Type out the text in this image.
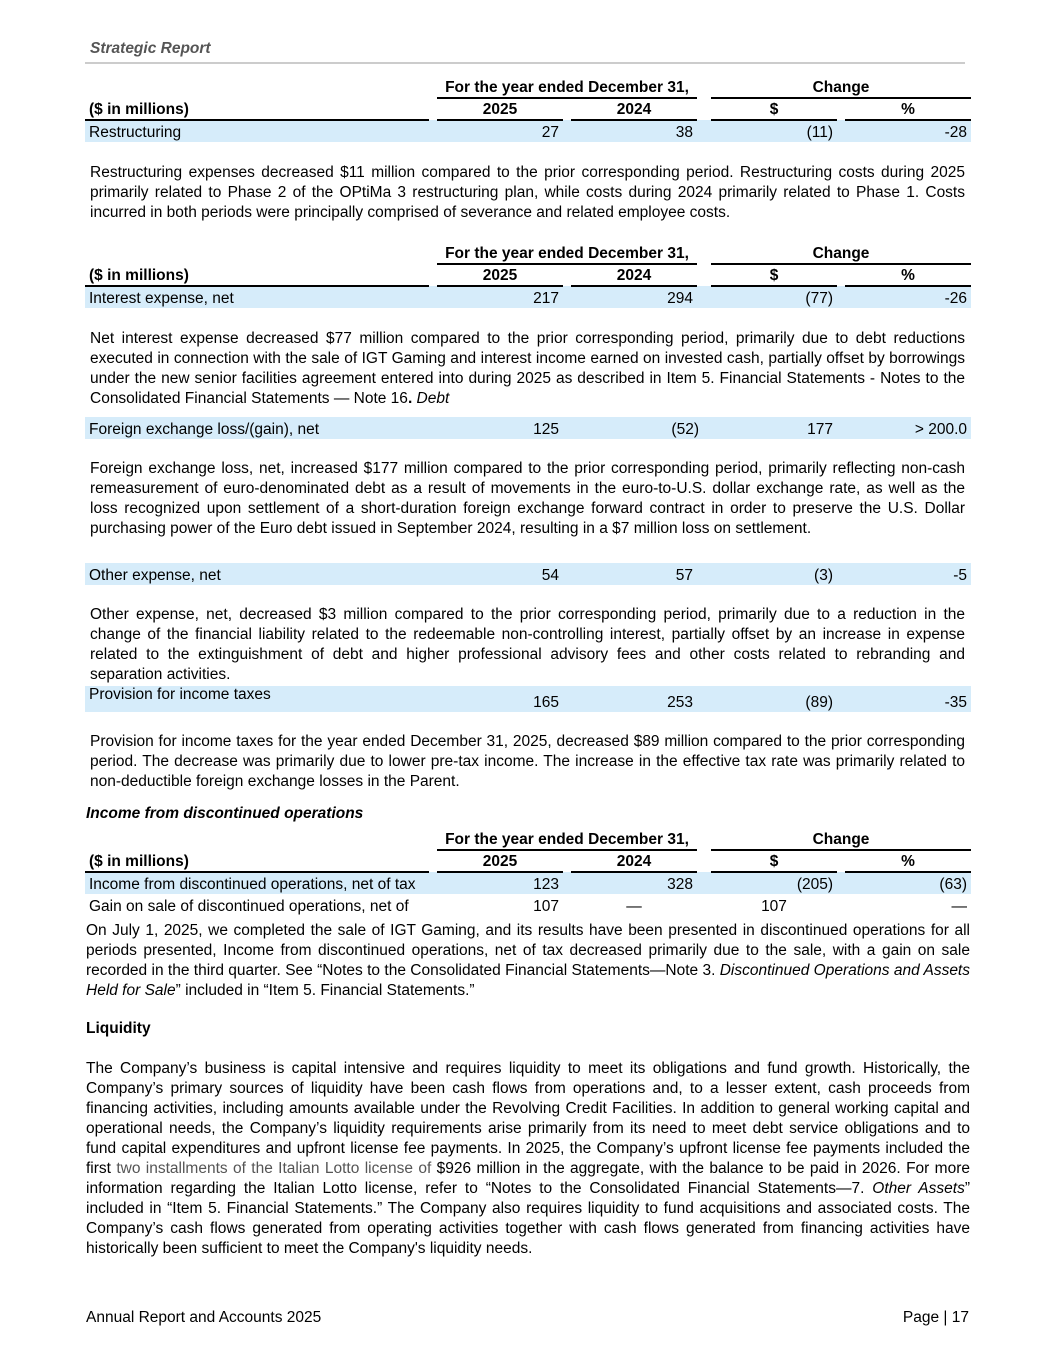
Strategic Report
		For the year ended December 31,				Change		
($ in millions)		2025		2024		$		%
Restructuring		27		38		(11)		-28

Restructuring expenses decreased $11 million compared to the prior corresponding period. Restructuring costs during 2025 primarily related to Phase 2 of the OPtiMa 3 restructuring plan, while costs during 2024 primarily related to Phase 1. Costs incurred in both periods were principally comprised of severance and related employee costs.

		For the year ended December 31,				Change		
($ in millions)		2025		2024		$		%
Interest expense, net		217		294		(77)		-26

Net interest expense decreased $77 million compared to the prior corresponding period, primarily due to debt reductions executed in connection with the sale of IGT Gaming and interest income earned on invested cash, partially offset by borrowings under the new senior facilities agreement entered into during 2025 as described in Item 5. Financial Statements - Notes to the Consolidated Financial Statements — Note 16. Debt

Foreign exchange loss/(gain), net		125		(52)		177		> 200.0

Foreign exchange loss, net, increased $177 million compared to the prior corresponding period, primarily reflecting non-cash remeasurement of euro-denominated debt as a result of movements in the euro-to-U.S. dollar exchange rate, as well as the loss recognized upon settlement of a short-duration foreign exchange forward contract in order to preserve the U.S. Dollar purchasing power of the Euro debt issued in September 2024, resulting in a $7 million loss on settlement.

Other expense, net		54		57		(3)		-5

Other expense, net, decreased $3 million compared to the prior corresponding period, primarily due to a reduction in the change of the financial liability related to the redeemable non-controlling interest, partially offset by an increase in expense related to the extinguishment of debt and higher professional advisory fees and other costs related to rebranding and separation activities.

Provision for income taxes		165		253		(89)		-35

Provision for income taxes for the year ended December 31, 2025, decreased $89 million compared to the prior corresponding period. The decrease was primarily due to lower pre-tax income. The increase in the effective tax rate was primarily related to non-deductible foreign exchange losses in the Parent.

Income from discontinued operations
		For the year ended December 31,				Change		
($ in millions)		2025		2024		$		%
Income from discontinued operations, net of tax		123		328		(205)		(63)
Gain on sale of discontinued operations, net of		107		—		107		—

On July 1, 2025, we completed the sale of IGT Gaming, and its results have been presented in discontinued operations for all periods presented, Income from discontinued operations, net of tax decreased primarily due to the sale, with a gain on sale recorded in the third quarter. See “Notes to the Consolidated Financial Statements—Note 3. Discontinued Operations and Assets Held for Sale” included in “Item 5. Financial Statements.”

Liquidity

The Company’s business is capital intensive and requires liquidity to meet its obligations and fund growth. Historically, the Company’s primary sources of liquidity have been cash flows from operations and, to a lesser extent, cash proceeds from financing activities, including amounts available under the Revolving Credit Facilities. In addition to general working capital and operational needs, the Company’s liquidity requirements arise primarily from its need to meet debt service obligations and to fund capital expenditures and upfront license fee payments. In 2025, the Company’s upfront license fee payments included the first two installments of the Italian Lotto license of $926 million in the aggregate, with the balance to be paid in 2026. For more information regarding the Italian Lotto license, refer to “Notes to the Consolidated Financial Statements—7. Other Assets” included in “Item 5. Financial Statements.” The Company also requires liquidity to fund acquisitions and associated costs. The Company’s cash flows generated from operating activities together with cash flows generated from financing activities have historically been sufficient to meet the Company's liquidity needs.

Annual Report and Accounts 2025	Page | 17
